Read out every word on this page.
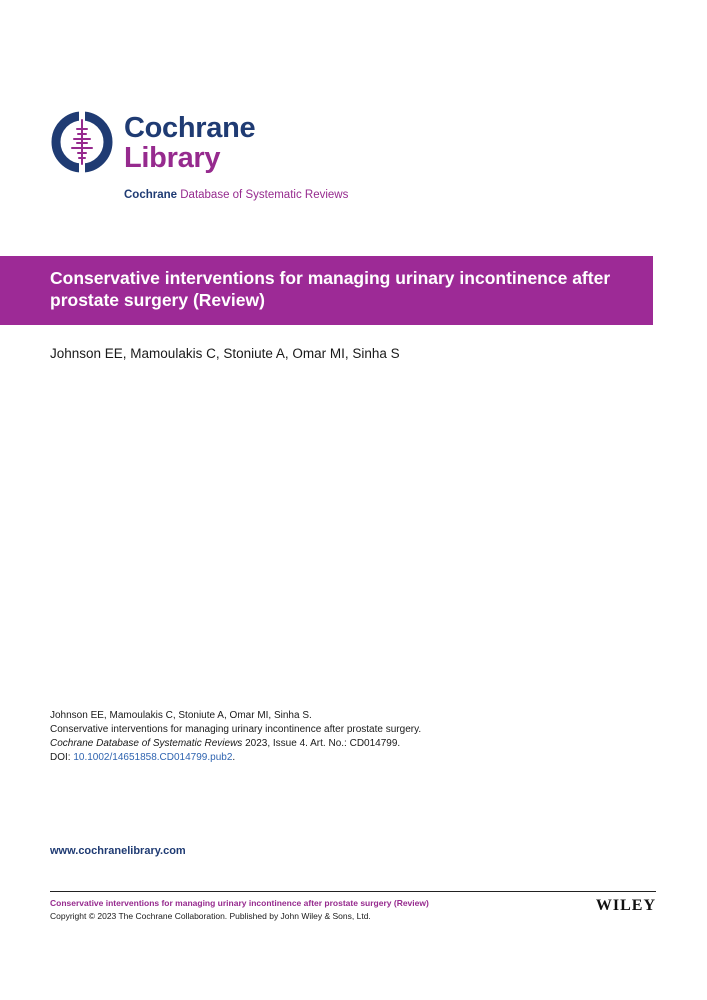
Cochrane
Library
Cochrane Database of Systematic Reviews
Conservative interventions for managing urinary incontinence after prostate surgery (Review)
Johnson EE, Mamoulakis C, Stoniute A, Omar MI, Sinha S
Johnson EE, Mamoulakis C, Stoniute A, Omar MI, Sinha S.
Conservative interventions for managing urinary incontinence after prostate surgery.
Cochrane Database of Systematic Reviews 2023, Issue 4. Art. No.: CD014799.
DOI: 10.1002/14651858.CD014799.pub2.
www.cochranelibrary.com
Conservative interventions for managing urinary incontinence after prostate surgery (Review)
Copyright © 2023 The Cochrane Collaboration. Published by John Wiley & Sons, Ltd.
WILEY
